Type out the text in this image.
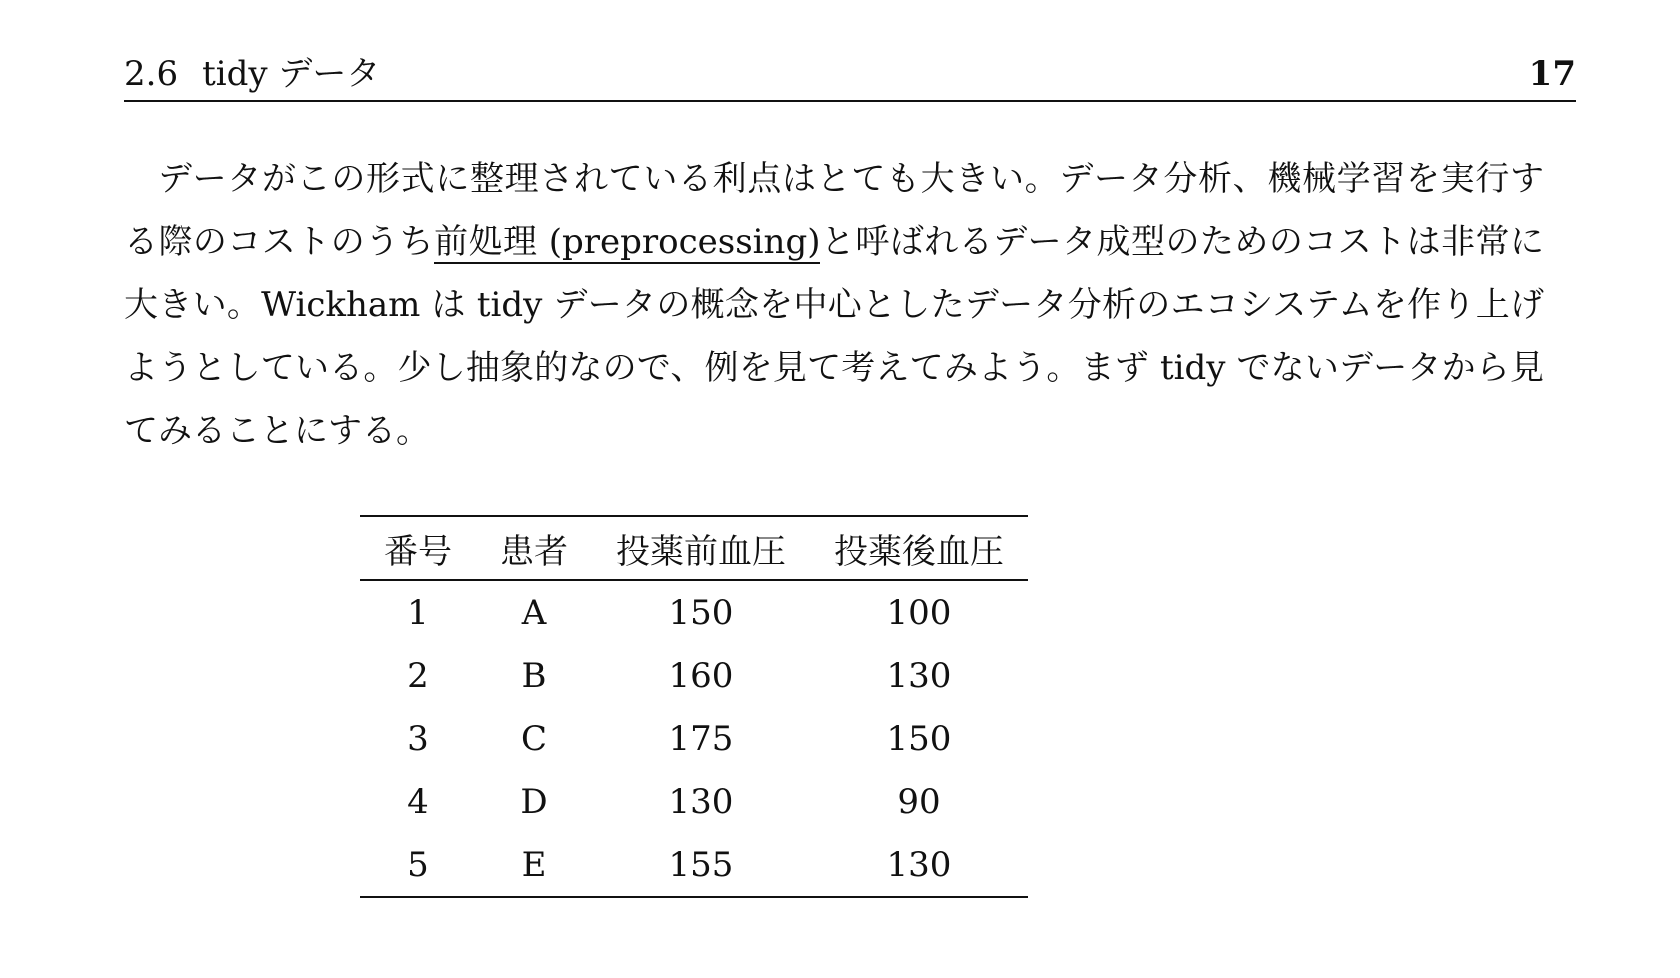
2.6 tidy データ	17

データがこの形式に整理されている利点はとても大きい。データ分析、機械学習を実行する際のコストのうち前処理 (preprocessing)と呼ばれるデータ成型のためのコストは非常に大きい。Wickham は tidy データの概念を中心としたデータ分析のエコシステムを作り上げようとしている。少し抽象的なので、例を見て考えてみよう。まず tidy でないデータから見てみることにする。

番号	患者	投薬前血圧	投薬後血圧
1	A	150	100
2	B	160	130
3	C	175	150
4	D	130	90
5	E	155	130
